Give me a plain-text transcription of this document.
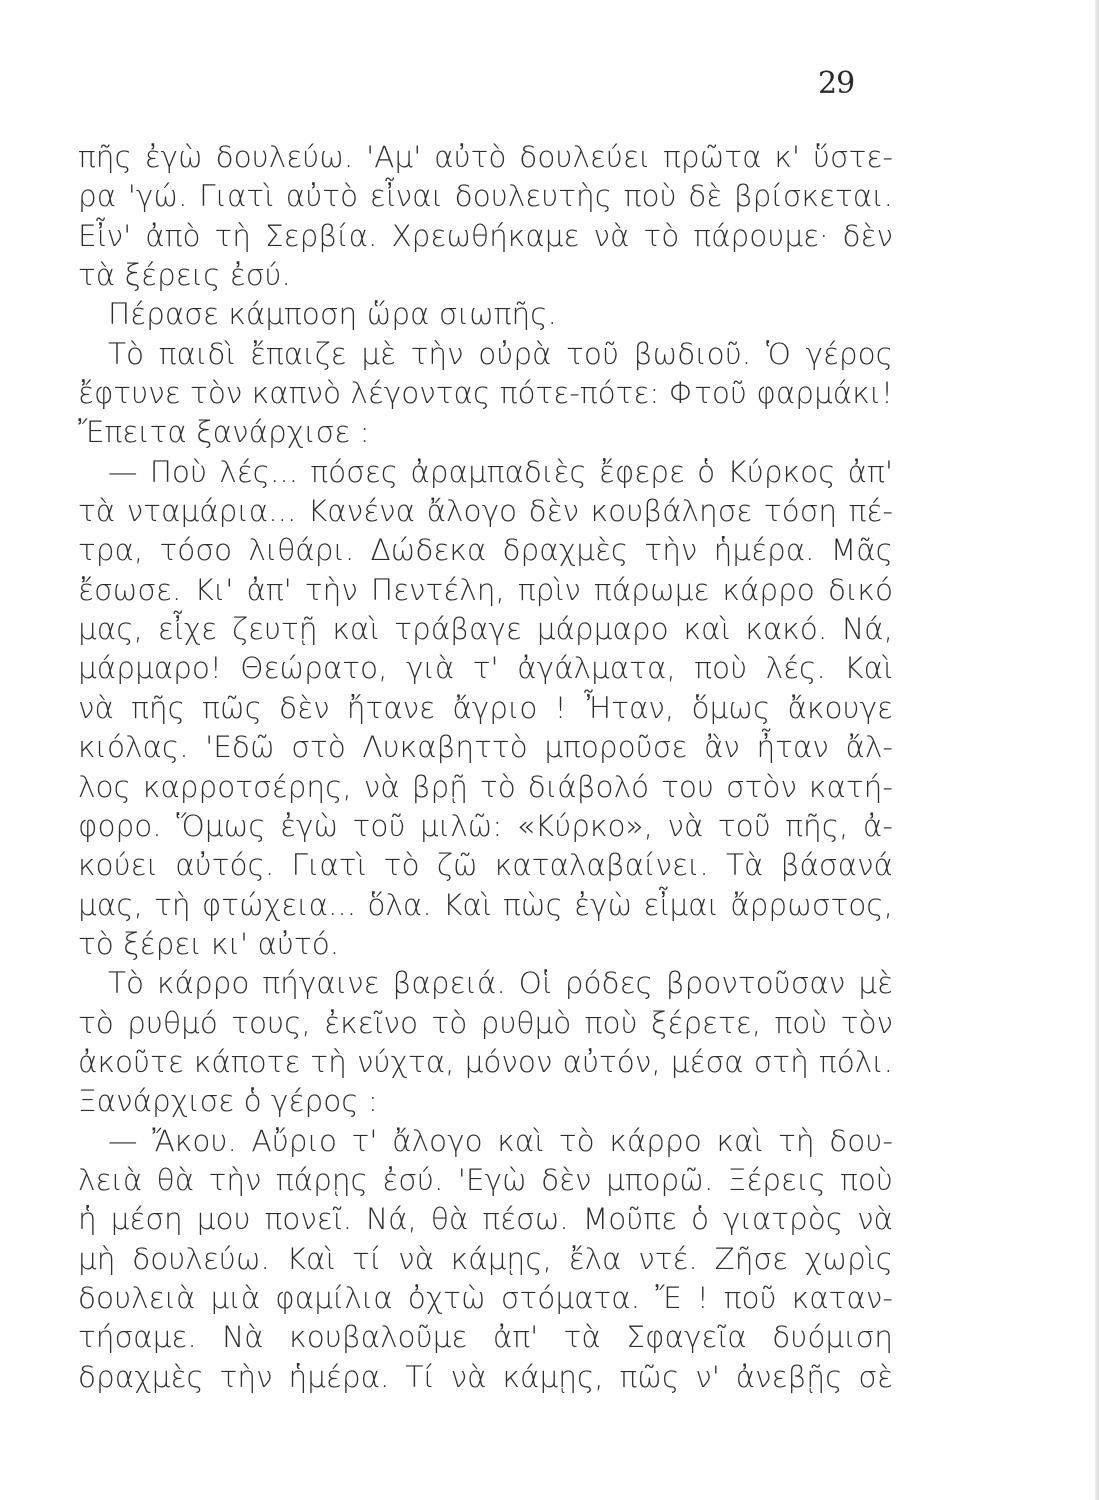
29
πῆς ἐγὼ δουλεύω. 'Αμ' αὐτὸ δουλεύει πρῶτα κ' ὕστε-
ρα 'γώ. Γιατὶ αὐτὸ εἶναι δουλευτὴς ποὺ δὲ βρίσκεται.
Εἶν' ἀπὸ τὴ Σερβία. Χρεωθήκαμε νὰ τὸ πάρουμε· δὲν
τὰ ξέρεις ἐσύ.
Πέρασε κάμποση ὥρα σιωπῆς.
Τὸ παιδὶ ἔπαιζε μὲ τὴν οὐρὰ τοῦ βωδιοῦ. Ὁ γέρος
ἔφτυνε τὸν καπνὸ λέγοντας πότε-πότε: Φτοῦ φαρμάκι!
Ἔπειτα ξανάρχισε :
— Ποὺ λές... πόσες ἀραμπαδιὲς ἔφερε ὁ Κύρκος ἀπ'
τὰ νταμάρια... Κανένα ἄλογο δὲν κουβάλησε τόση πέ-
τρα, τόσο λιθάρι. Δώδεκα δραχμὲς τὴν ἡμέρα. Μᾶς
ἔσωσε. Κι' ἀπ' τὴν Πεντέλη, πρὶν πάρωμε κάρρο δικό
μας, εἶχε ζευτῇ καὶ τράβαγε μάρμαρο καὶ κακό. Νά,
μάρμαρο! Θεώρατο, γιὰ τ' ἀγάλματα, ποὺ λές. Καὶ
νὰ πῆς πῶς δὲν ἤτανε ἄγριο ! Ἦταν, ὅμως ἄκουγε
κιόλας. 'Εδῶ στὸ Λυκαβηττὸ μποροῦσε ἂν ἦταν ἄλ-
λος καρροτσέρης, νὰ βρῇ τὸ διάβολό του στὸν κατή-
φορο. Ὅμως ἐγὼ τοῦ μιλῶ: «Κύρκο», νὰ τοῦ πῆς, ἀ-
κούει αὐτός. Γιατὶ τὸ ζῶ καταλαβαίνει. Τὰ βάσανά
μας, τὴ φτώχεια... ὅλα. Καὶ πὼς ἐγὼ εἶμαι ἄρρωστος,
τὸ ξέρει κι' αὐτό.
Τὸ κάρρο πήγαινε βαρειά. Οἱ ρόδες βροντοῦσαν μὲ
τὸ ρυθμό τους, ἐκεῖνο τὸ ρυθμὸ ποὺ ξέρετε, ποὺ τὸν
ἀκοῦτε κάποτε τὴ νύχτα, μόνον αὐτόν, μέσα στὴ πόλι.
Ξανάρχισε ὁ γέρος :
— Ἄκου. Αὔριο τ' ἄλογο καὶ τὸ κάρρο καὶ τὴ δου-
λειὰ θὰ τὴν πάρῃς ἐσύ. 'Εγὼ δὲν μπορῶ. Ξέρεις ποὺ
ἡ μέση μου πονεῖ. Νά, θὰ πέσω. Μοῦπε ὁ γιατρὸς νὰ
μὴ δουλεύω. Καὶ τί νὰ κάμῃς, ἔλα ντέ. Ζῆσε χωρὶς
δουλειὰ μιὰ φαμίλια ὀχτὼ στόματα. Ἔ ! ποῦ καταν-
τήσαμε. Νὰ κουβαλοῦμε ἀπ' τὰ Σφαγεῖα δυόμιση
δραχμὲς τὴν ἡμέρα. Τί νὰ κάμῃς, πῶς ν' ἀνεβῇς σὲ
